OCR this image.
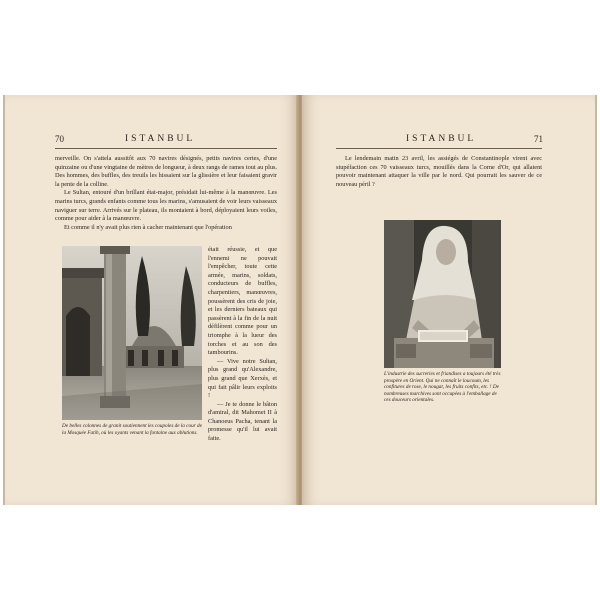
70	ISTANBUL

merveille. On s'attela aussitôt aux 70 navires désignés, petits navires certes, d'une quinzaine ou d'une vingtaine de mètres de longueur, à deux rangs de rames tout au plus. Des hommes, des buffles, des treuils les hissaient sur la glissière et leur faisaient gravir la pente de la colline.

Le Sultan, entouré d'un brillant état-major, présidait lui-même à la manœuvre. Les marins turcs, grands enfants comme tous les marins, s'amusaient de voir leurs vaisseaux naviguer sur terre. Arrivés sur le plateau, ils montaient à bord, déployaient leurs voiles, comme pour aider à la manœuvre.

Et comme il n'y avait plus rien à cacher maintenant que l'opération

De belles colonnes de granit soutiennent les coupoles de la cour de la Mosquée Fatih, où les oyants venant la fontaine aux ablutions.

était réussie, et que l'ennemi ne pouvait l'empêcher, toute cette armée, marins, soldats, conducteurs de buffles, charpentiers, manœuvres, poussèrent des cris de joie, et les derniers bateaux qui passèrent à la fin de la nuit défilèrent comme pour un triomphe à la lueur des torches et au son des tambourins.

— Vive notre Sultan, plus grand qu'Alexandre, plus grand que Xerxès, et qui fait pâlir leurs exploits !

— Je te donne le bâton d'amiral, dit Mahomet II à Chanoeus Pacha, tenant la promesse qu'il lui avait faite.

ISTANBUL	71

Le lendemain matin 23 avril, les assiégés de Constantinople virent avec stupéfaction ces 70 vaisseaux turcs, mouillés dans la Corne d'Or, qui allaient pouvoir maintenant attaquer la ville par le nord. Qui pourrait les sauver de ce nouveau péril ?

L'industrie des sucreries et friandises a toujours été très prospère en Orient. Qui ne connaît le loucoum, les confitures de rose, le nougat, les fruits confits, etc. ! De nombreuses marchives sont occupées à l'emballage de ces douceurs orientales.
